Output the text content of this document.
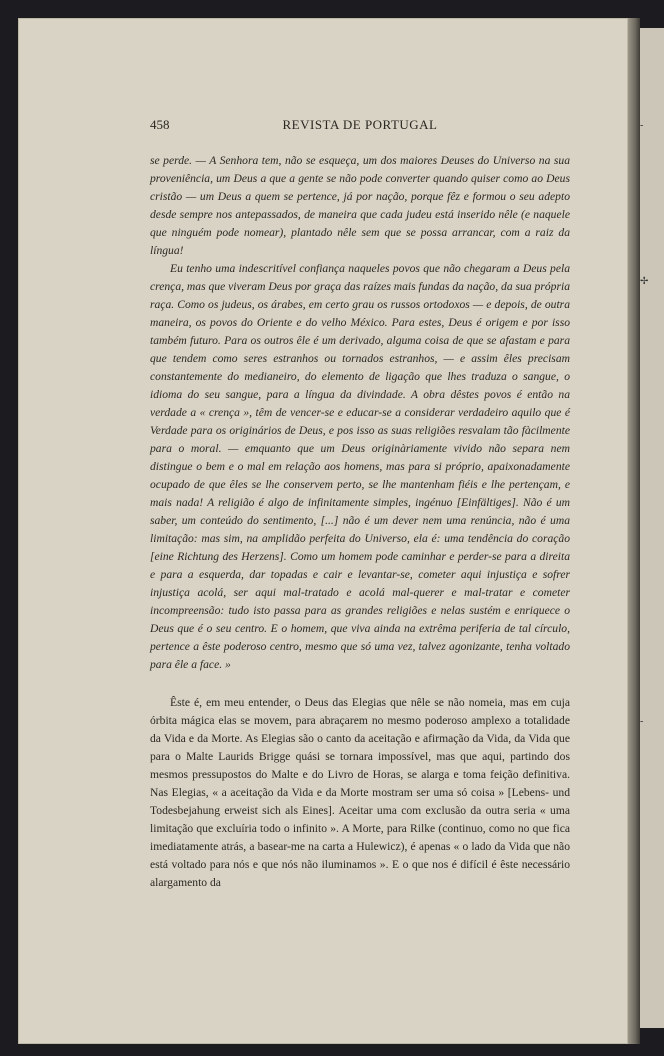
-
✢
-
458	REVISTA DE PORTUGAL

se perde. — A Senhora tem, não se esqueça, um dos maiores Deuses do Universo na sua proveniência, um Deus a que a gente se não pode converter quando quiser como ao Deus cristão — um Deus a quem se pertence, já por nação, porque fêz e formou o seu adepto desde sempre nos antepassados, de maneira que cada judeu está inserido nêle (e naquele que ninguém pode nomear), plantado nêle sem que se possa arrancar, com a raiz da língua!

Eu tenho uma indescritível confiança naqueles povos que não chegaram a Deus pela crença, mas que viveram Deus por graça das raízes mais fundas da nação, da sua própria raça. Como os judeus, os árabes, em certo grau os russos ortodoxos — e depois, de outra maneira, os povos do Oriente e do velho México. Para estes, Deus é origem e por isso também futuro. Para os outros êle é um derivado, alguma coisa de que se afastam e para que tendem como seres estranhos ou tornados estranhos, — e assim êles precisam constantemente do medianeiro, do elemento de ligação que lhes traduza o sangue, o idioma do seu sangue, para a língua da divindade. A obra dêstes povos é então na verdade a « crença », têm de vencer-se e educar-se a considerar verdadeiro aquilo que é Verdade para os originários de Deus, e pos isso as suas religiões resvalam tão fàcilmente para o moral. — emquanto que um Deus originàriamente vivido não separa nem distingue o bem e o mal em relação aos homens, mas para si próprio, apaixonadamente ocupado de que êles se lhe conservem perto, se lhe mantenham fiéis e lhe pertençam, e mais nada! A religião é algo de infinitamente simples, ingénuo [Einfältiges]. Não é um saber, um conteúdo do sentimento, [...] não é um dever nem uma renúncia, não é uma limitação: mas sim, na amplidão perfeita do Universo, ela é: uma tendência do coração [eine Richtung des Herzens]. Como um homem pode caminhar e perder-se para a direita e para a esquerda, dar topadas e cair e levantar-se, cometer aqui injustiça e sofrer injustiça acolá, ser aqui mal-tratado e acolá mal-querer e mal-tratar e cometer incompreensão: tudo isto passa para as grandes religiões e nelas sustém e enriquece o Deus que é o seu centro. E o homem, que viva ainda na extrêma periferia de tal círculo, pertence a êste poderoso centro, mesmo que só uma vez, talvez agonizante, tenha voltado para êle a face. »

Êste é, em meu entender, o Deus das Elegias que nêle se não nomeia, mas em cuja órbita mágica elas se movem, para abraçarem no mesmo poderoso amplexo a totalidade da Vida e da Morte. As Elegias são o canto da aceitação e afirmação da Vida, da Vida que para o Malte Laurids Brigge quási se tornara impossível, mas que aqui, partindo dos mesmos pressupostos do Malte e do Livro de Horas, se alarga e toma feição definitiva. Nas Elegias, « a aceitação da Vida e da Morte mostram ser uma só coisa » [Lebens- und Todesbejahung erweist sich als Eines]. Aceitar uma com exclusão da outra seria « uma limitação que excluíria todo o infinito ». A Morte, para Rilke (continuo, como no que fica imediatamente atrás, a basear-me na carta a Hulewicz), é apenas « o lado da Vida que não está voltado para nós e que nós não iluminamos ». E o que nos é difícil é êste necessário alargamento da
